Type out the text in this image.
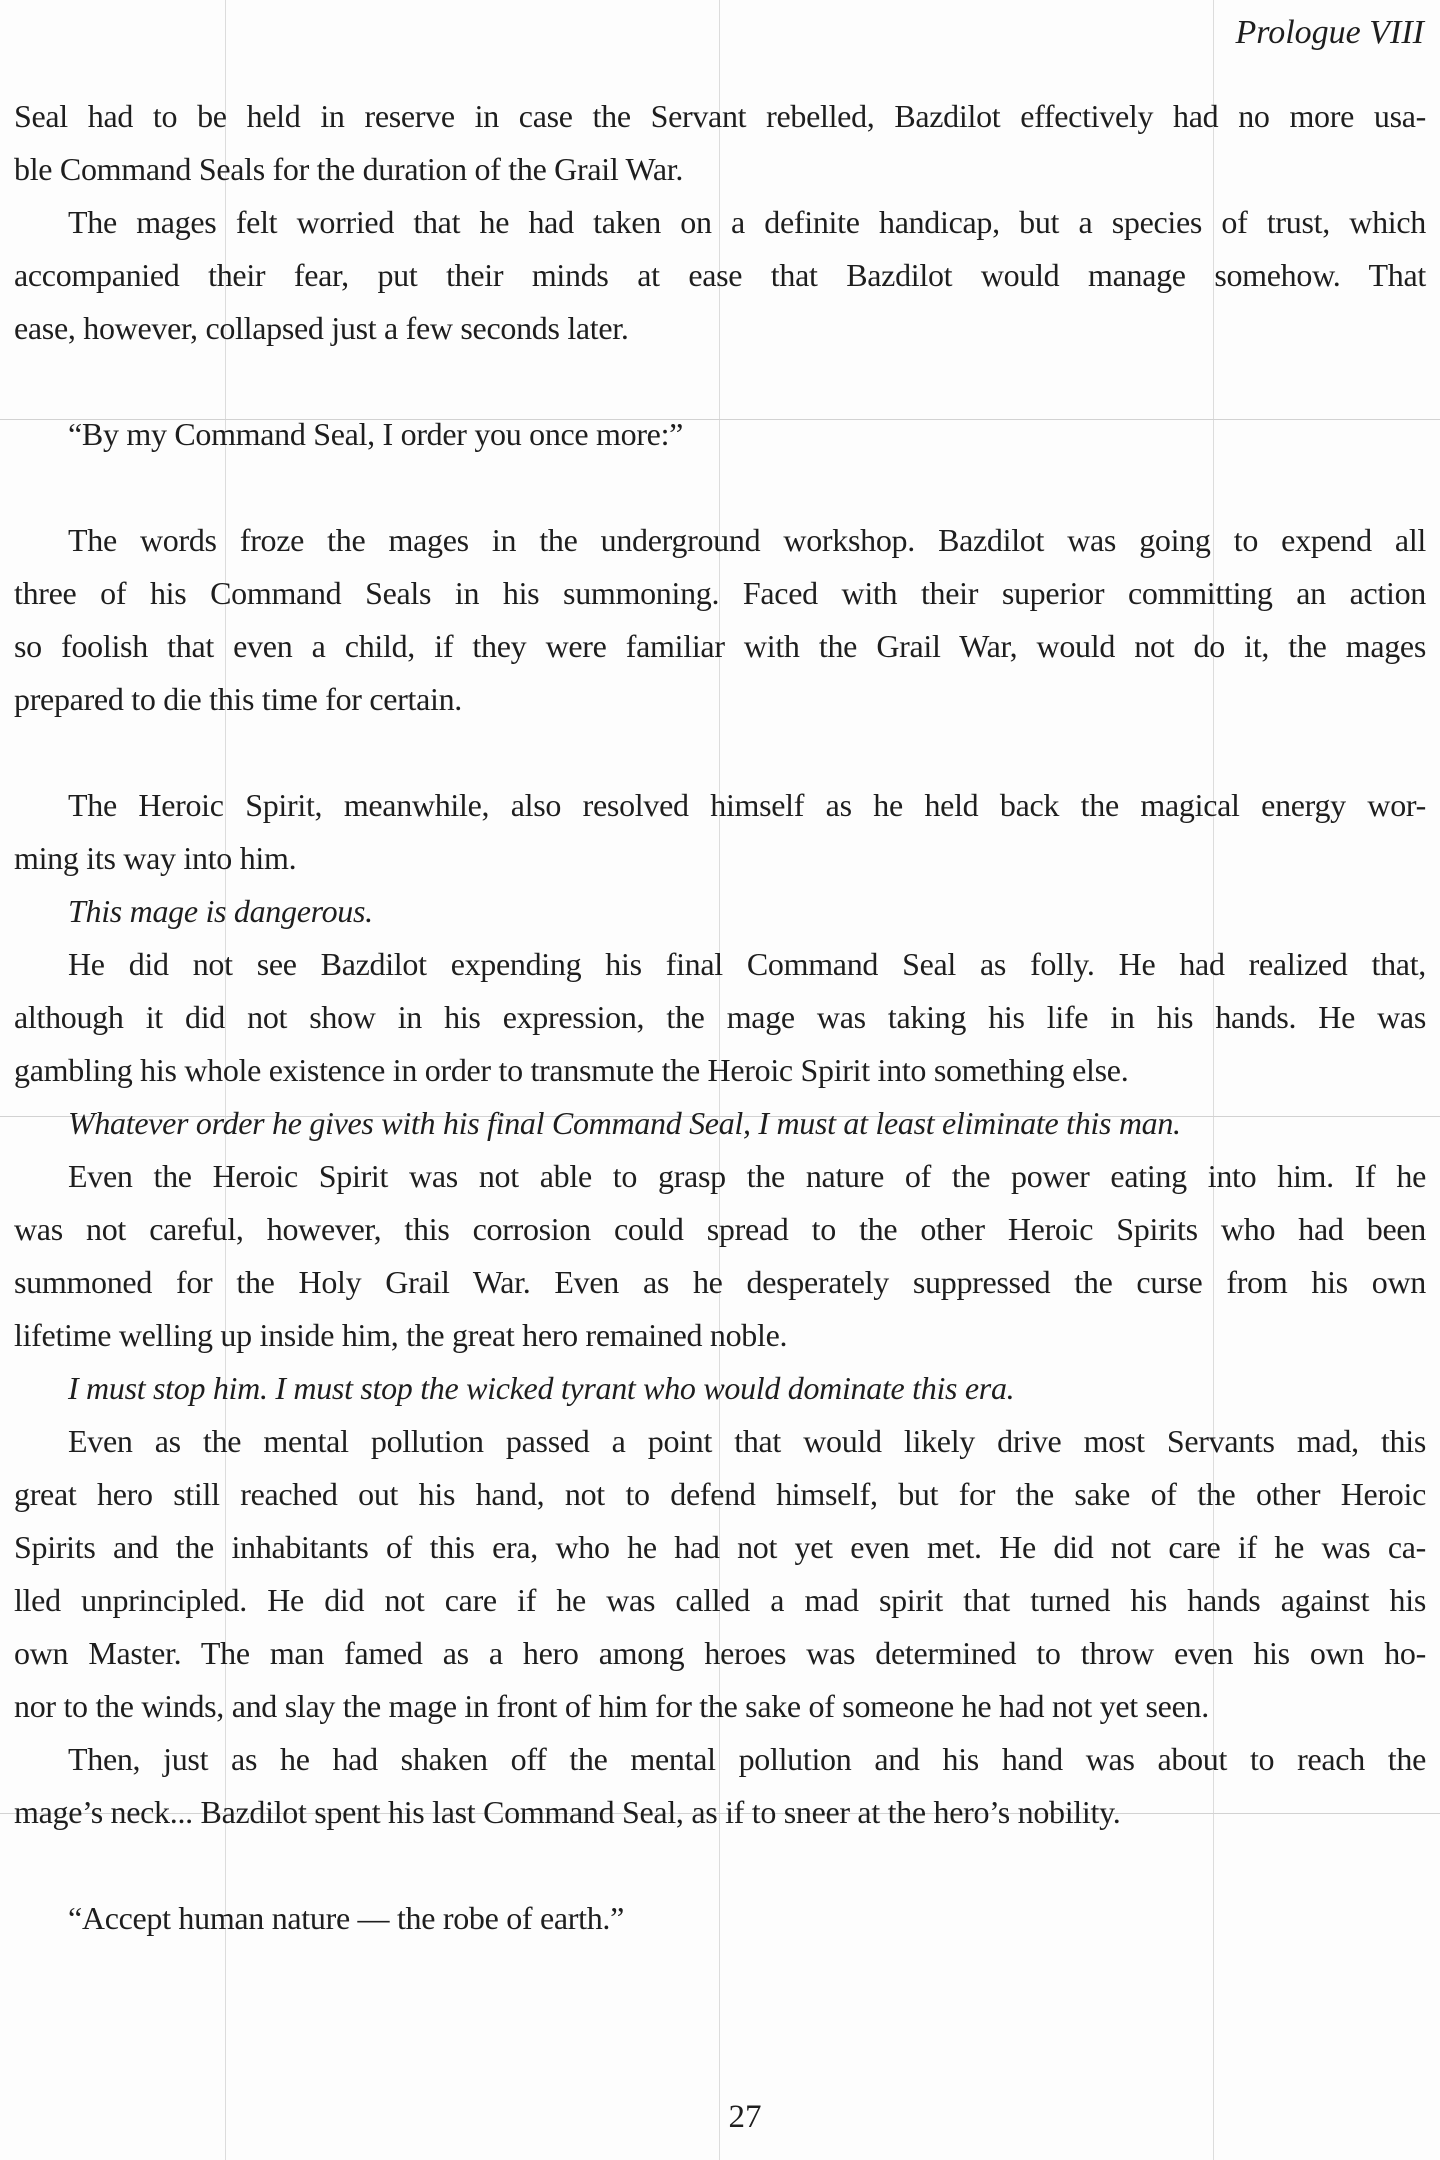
Prologue VIII
Seal had to be held in reserve in case the Servant rebelled, Bazdilot effectively had no more usa-
ble Command Seals for the duration of the Grail War.
The mages felt worried that he had taken on a definite handicap, but a species of trust, which
accompanied their fear, put their minds at ease that Bazdilot would manage somehow. That
ease, however, collapsed just a few seconds later.
“By my Command Seal, I order you once more:”
The words froze the mages in the underground workshop. Bazdilot was going to expend all
three of his Command Seals in his summoning. Faced with their superior committing an action
so foolish that even a child, if they were familiar with the Grail War, would not do it, the mages
prepared to die this time for certain.
The Heroic Spirit, meanwhile, also resolved himself as he held back the magical energy wor-
ming its way into him.
This mage is dangerous.
He did not see Bazdilot expending his final Command Seal as folly. He had realized that,
although it did not show in his expression, the mage was taking his life in his hands. He was
gambling his whole existence in order to transmute the Heroic Spirit into something else.
Whatever order he gives with his final Command Seal, I must at least eliminate this man.
Even the Heroic Spirit was not able to grasp the nature of the power eating into him. If he
was not careful, however, this corrosion could spread to the other Heroic Spirits who had been
summoned for the Holy Grail War. Even as he desperately suppressed the curse from his own
lifetime welling up inside him, the great hero remained noble.
I must stop him. I must stop the wicked tyrant who would dominate this era.
Even as the mental pollution passed a point that would likely drive most Servants mad, this
great hero still reached out his hand, not to defend himself, but for the sake of the other Heroic
Spirits and the inhabitants of this era, who he had not yet even met. He did not care if he was ca-
lled unprincipled. He did not care if he was called a mad spirit that turned his hands against his
own Master. The man famed as a hero among heroes was determined to throw even his own ho-
nor to the winds, and slay the mage in front of him for the sake of someone he had not yet seen.
Then, just as he had shaken off the mental pollution and his hand was about to reach the
mage’s neck... Bazdilot spent his last Command Seal, as if to sneer at the hero’s nobility.
“Accept human nature — the robe of earth.”
27
